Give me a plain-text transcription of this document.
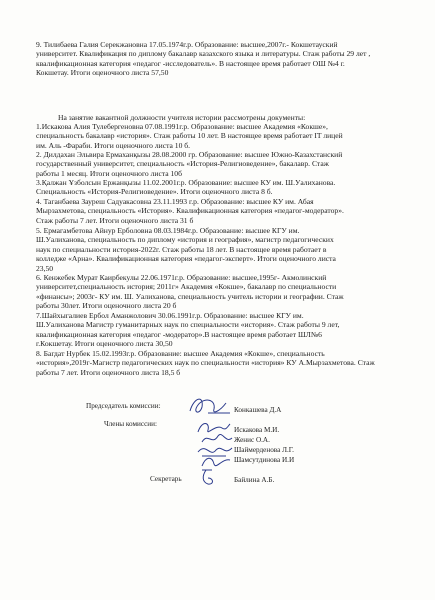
9. Тилибаева Галия Серекжановна 17.05.1974г.р. Образование: высшее,2007г.- Кокшетауский
университет. Квалификация по диплому бакалавр казахского языка и литературы. Стаж работы 29 лет ,
квалификационная категория «педагог -исследователь». В настоящее время работает ОШ №4 г.
Кокшетау. Итоги оценочного листа 57,50
На занятие вакантной должности учителя истории рассмотрены документы:
1.Искакова Алия Тулебергеновна 07.08.1991г.р. Образование: высшее Академия «Кокше»,
специальность бакалавр «история». Стаж работы 10 лет. В настоящее время работает IT лицей
им. Аль -Фараби. Итоги оценочного листа 10 б.
2. Дилдахан Эльвира Ермаханқызы 28.08.2000 гр. Образование: высшее Южно-Казахстанский
государственный университет, специальность «История-Религиоведение», бакалавр. Стаж
работы 1 месяц. Итоги оценочного листа 10б
3.Қалжан Ұзболсын Ержанқызы 11.02.2001г.р. Образование: высшее КУ им. Ш.Уалиханова.
Специальность «История-Религиоведение». Итоги оценочного листа 8 б.
4. Таганбаева Зауреш Садуакасовна 23.11.1993 г.р. Образование: высшее КУ им. Абая
Мырзахметова, специальность «История». Квалификационная категория «педагог-модератор».
Стаж работы 7 лет. Итоги оценочного листа 31 б
5. Ермагамбетова Айнур Ерболовна 08.03.1984г.р. Образование: высшее КГУ им.
Ш.Уалиханова, специальность по диплому «история и география», магистр педагогических
наук по специальности история-2022г. Стаж работы 18 лет. В настоящее время работает в
колледже «Арна». Квалификационная категория «педагог-эксперт». Итоги оценочного листа
23,50
6. Кенжебек Мурат Каирбекулы 22.06.1971г.р. Образование: высшее,1995г- Акмолинский
университет,специальность история; 2011г» Академия «Кокше», бакалавр по специальности
«финансы»; 2003г- КУ им. Ш. Уалиханова, специальность учитель истории и географии. Стаж
работы 30лет. Итоги оценочного листа 20 б
7.Шайхыгалиев Ербол Аманжолович 30.06.1991г.р. Образование: высшее КГУ им.
Ш.Уалиханова Магистр гуманитарных наук по специальности «история». Стаж работы 9 лет,
квалификационная категория «педагог -модератор».В настоящее время работает ШЛ№6
г.Кокшетау. Итоги оценочного листа 30,50
8. Багдат Нурбек 15.02.1993г.р. Образование: высшее Академия «Кокше», специальность
«история»,2019г-Магистр педагогических наук по специальности «история» КУ А.Мырзахметова. Стаж
работы 7 лет. Итоги оценочного листа 18,5 б
Председатель комиссии:	Конкашева Д.А
Члены комиссии:
Искакова М.И.
Женис О.А.
Шаймерденова Л.Г.
Шамсутдинова И.И
Секретарь	Байлина А.Б.
